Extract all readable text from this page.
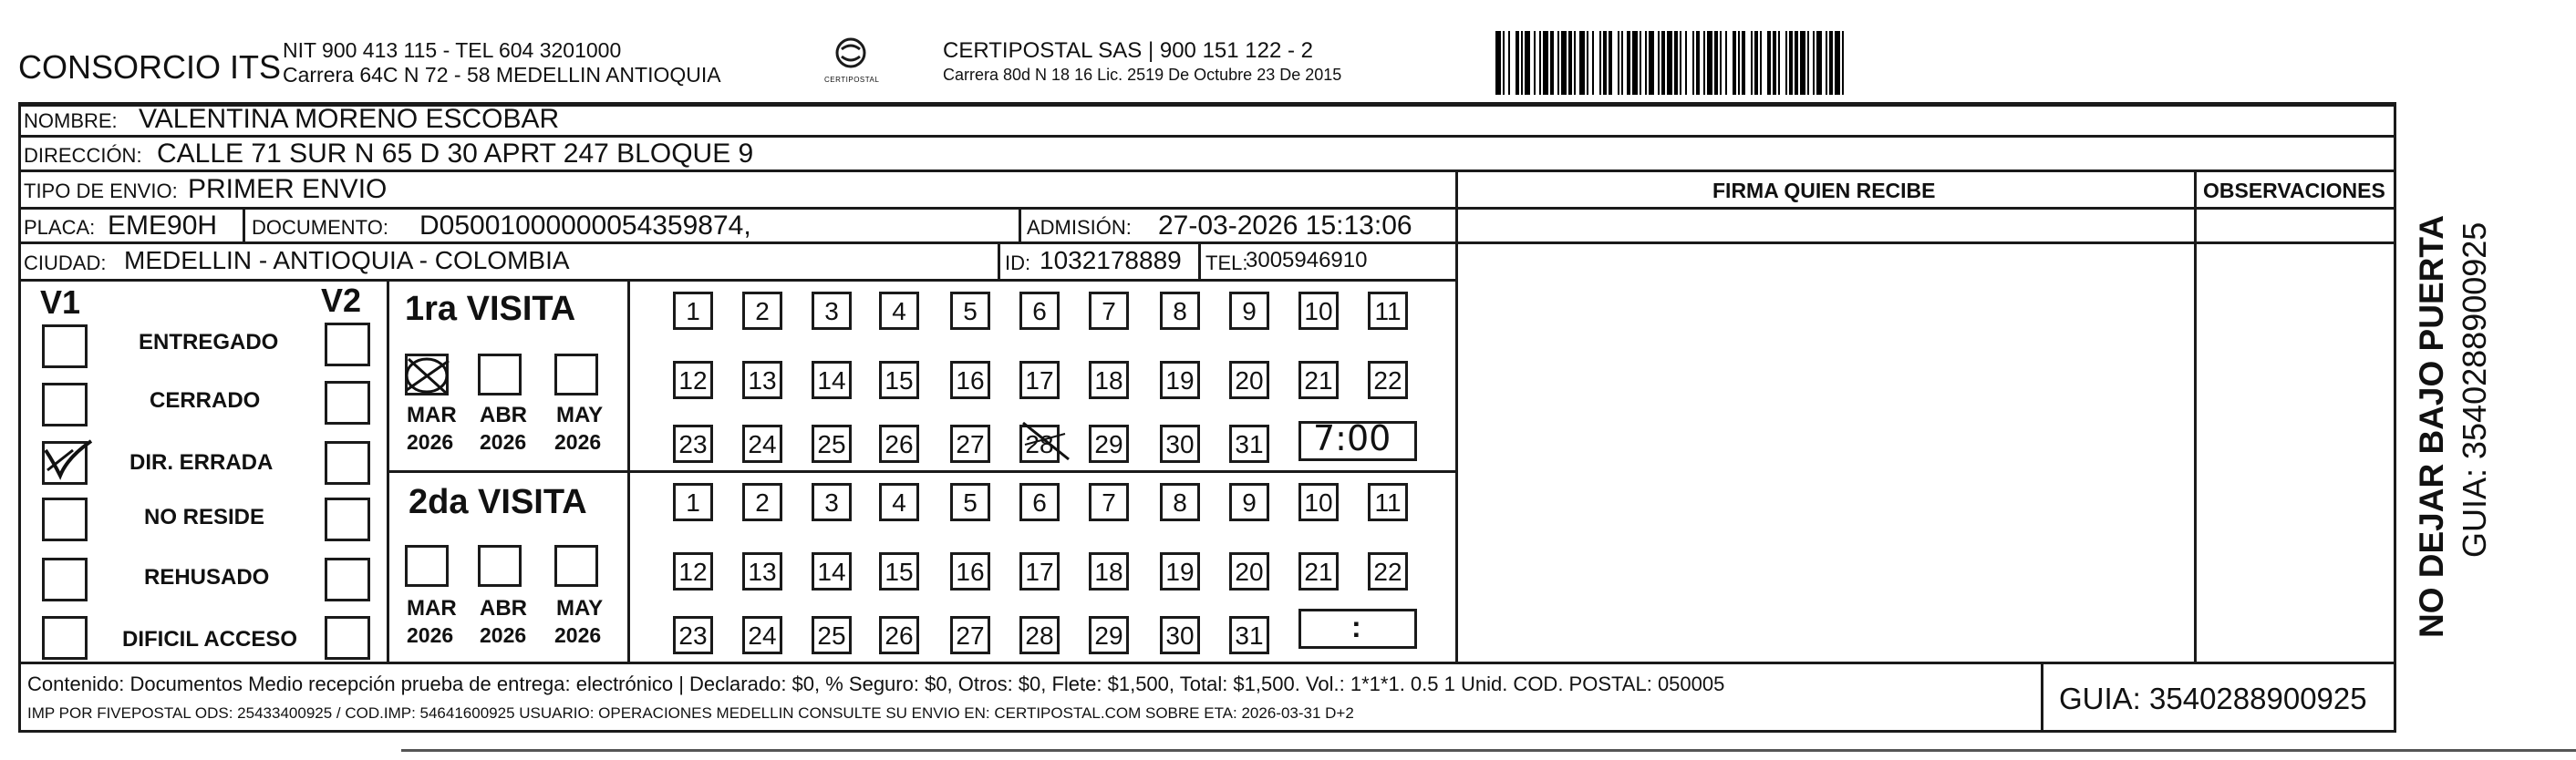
CONSORCIO ITS NIT 900 413 115 - TEL 604 3201000
Carrera 64C N 72 - 58 MEDELLIN ANTIOQUIA	CERTIPOSTAL
CERTIPOSTAL SAS | 900 151 122 - 2
Carrera 80d N 18 16 Lic. 2519 De Octubre 23 De 2015
NOMBRE: VALENTINA MORENO ESCOBAR
DIRECCIÓN: CALLE 71 SUR N 65 D 30 APRT 247 BLOQUE 9
TIPO DE ENVIO: PRIMER ENVIO
PLACA: EME90H DOCUMENTO: D05001000000054359874,	ADMISIÓN: 27-03-2026 15:13:06
CIUDAD: MEDELLIN - ANTIOQUIA - COLOMBIA	ID: 1032178889 TEL:
3005946910
FIRMA QUIEN RECIBE	OBSERVACIONES
V1	V2
ENTREGADO
CERRADO
DIR. ERRADA
NO RESIDE
REHUSADO
DIFICIL ACCESO
1ra VISITA
MAR ABR MAY
2026 2026 2026
1	2	3	4	5	6	7	8	9	10 11
12 13 14 15 16 17 18 19 20 21 22
23 24 25 26 27 28 29 30 31 7:00
2da VISITA
MAR ABR MAY
2026 2026 2026
1	2	3	4	5	6	7	8	9	10 11
12 13 14 15 16 17 18 19 20 21 22
23 24 25 26 27 28 29 30 31	:
Contenido: Documentos Medio recepción prueba de entrega: electrónico | Declarado: $0, % Seguro: $0, Otros: $0, Flete: $1,500, Total: $1,500. Vol.: 1*1*1. 0.5 1 Unid. COD. POSTAL: 050005
IMP POR FIVEPOSTAL ODS: 25433400925 / COD.IMP: 54641600925 USUARIO: OPERACIONES MEDELLIN CONSULTE SU ENVIO EN: CERTIPOSTAL.COM SOBRE ETA: 2026-03-31 D+2	GUIA: 3540288900925
NO DEJAR BAJO PUERTA GUIA: 3540288900925
